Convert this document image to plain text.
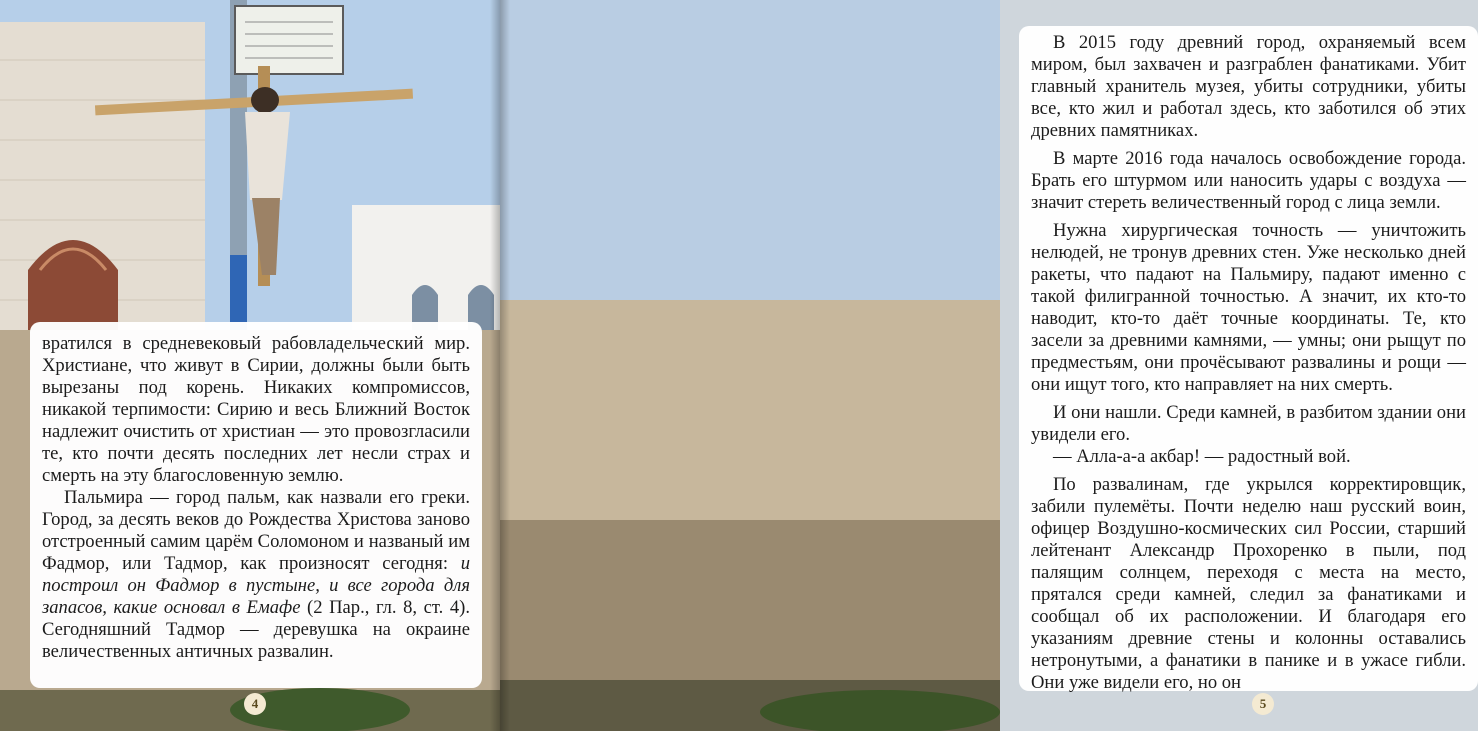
вратился в средневековый рабовладельческий мир. Христиане, что живут в Сирии, должны были быть вырезаны под корень. Никаких компромиссов, никакой терпимости: Сирию и весь Ближний Восток надлежит очистить от христиан — это провозгласили те, кто почти десять последних лет несли страх и смерть на эту благословенную землю.

Пальмира — город пальм, как назвали его греки. Город, за десять веков до Рождества Христова заново отстроенный самим царём Соломоном и названый им Фадмор, или Тадмор, как произносят сегодня: и построил он Фадмор в пустыне, и все города для запасов, какие основал в Емафе (2 Пар., гл. 8, ст. 4). Сегодняшний Тадмор — деревушка на окраине величественных античных развалин.

4

В 2015 году древний город, охраняемый всем миром, был захвачен и разграблен фанатиками. Убит главный хранитель музея, убиты сотрудники, убиты все, кто жил и работал здесь, кто заботился об этих древних памятниках.

В марте 2016 года началось освобождение города. Брать его штурмом или наносить удары с воздуха — значит стереть величественный город с лица земли.

Нужна хирургическая точность — уничтожить нелюдей, не тронув древних стен. Уже несколько дней ракеты, что падают на Пальмиру, падают именно с такой филигранной точностью. А значит, их кто-то наводит, кто-то даёт точные координаты. Те, кто засели за древними камнями, — умны; они рыщут по предместьям, они прочёсывают развалины и рощи — они ищут того, кто направляет на них смерть.

И они нашли. Среди камней, в разбитом здании они увидели его.

— Алла-а-а акбар! — радостный вой.

По развалинам, где укрылся корректировщик, забили пулемёты. Почти неделю наш русский воин, офицер Воздушно-космических сил России, старший лейтенант Александр Прохоренко в пыли, под палящим солнцем, переходя с места на место, прятался среди камней, следил за фанатиками и сообщал об их расположении. И благодаря его указаниям древние стены и колонны оставались нетронутыми, а фанатики в панике и в ужасе гибли. Они уже видели его, но он

5
